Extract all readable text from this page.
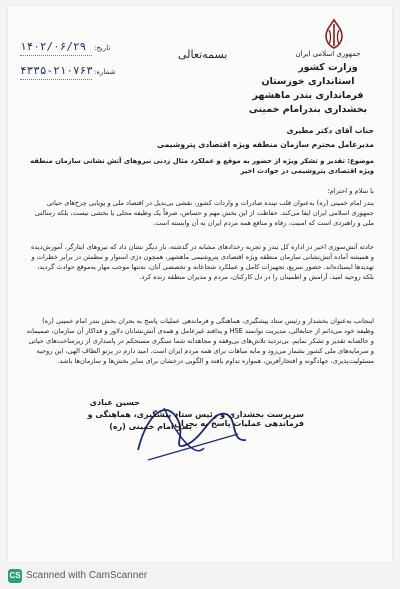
جمهوری اسلامی ایران
وزارت کشور
استانداری خوزستان
فرمانداری بندر ماهشهر
بخشداری بندرامام خمینی
بسمه‌تعالی
تاریخ:
۱۴۰۲/۰۶/۲۹
شماره:
۴۳۳۵-۲۱۰۷۶۳
جناب آقای دکتر مطیری
مدیرعامل محترم سازمان منطقه ویژه اقتصادی پتروشیمی
موضوع: تقدیر و تشکر ویژه از حضور به موقع و عملکرد مثال زدنی نیروهای آتش نشانی سازمان منطقه ویژه اقتصادی پتروشیمی در حوادث اخیر
با سلام و احترام؛
بندر امام خمینی (ره) به‌عنوان قلب تپنده صادرات و واردات کشور، نقشی بی‌بدیل در اقتصاد ملی و پویایی چرخ‌های حیاتی جمهوری اسلامی ایران ایفا می‌کند. حفاظت از این بخش مهم و حساس، صرفاً یک وظیفه محلی یا بخشی نیست، بلکه رسالتی ملی و راهبردی است که امنیت، رفاه و منافع همه مردم ایران به آن وابسته است.
حادثه آتش‌سوزی اخیر در اداره کل بندر و تجربه رخدادهای مشابه در گذشته، بار دیگر نشان داد که نیروهای ایثارگر، آموزش‌دیده و همیشه آماده آتش‌نشانی سازمان منطقه ویژه اقتصادی پتروشیمی ماهشهر، همچون دژی استوار و مطمئن در برابر خطرات و تهدیدها ایستاده‌اند. حضور سریع، تجهیزات کامل و عملکرد شجاعانه و تخصصی آنان، نه‌تنها موجب مهار به‌موقع حوادث گردید، بلکه روحیه امید، آرامش و اطمینان را در دل کارکنان، مردم و مدیران منطقه زنده کرد.
اینجانب به‌عنوان بخشدار و رئیس ستاد پیشگیری، هماهنگی و فرماندهی عملیات پاسخ به بحران بخش بندر امام خمینی (ره) وظیفه خود می‌دانم از جنابعالی، مدیریت توانمند HSE و پدافند غیرعامل و همه‌ی آتش‌نشانان دلاور و فداکار آن سازمان، صمیمانه و خالصانه تقدیر و تشکر نمایم. بی‌تردید تلاش‌های بی‌وقفه و مجاهدانه شما سنگری مستحکم در پاسداری از زیرساخت‌های حیاتی و سرمایه‌های ملی کشور بشمار می‌رود و مایه مباهات برای همه مردم ایران است. امید دارم در پرتو الطاف الهی، این روحیه مسئولیت‌پذیری، جهادگونه و افتخارآفرین، همواره تداوم یافته و الگویی درخشان برای سایر بخش‌ها و سازمان‌ها باشد.
حسین عبادی
سرپرست بخشداری و رئیس ستاد پیشگیری، هماهنگی و فرماندهی عملیات پاسخ به بحران
بندر امام خمینی (ره)
CS Scanned with CamScanner
